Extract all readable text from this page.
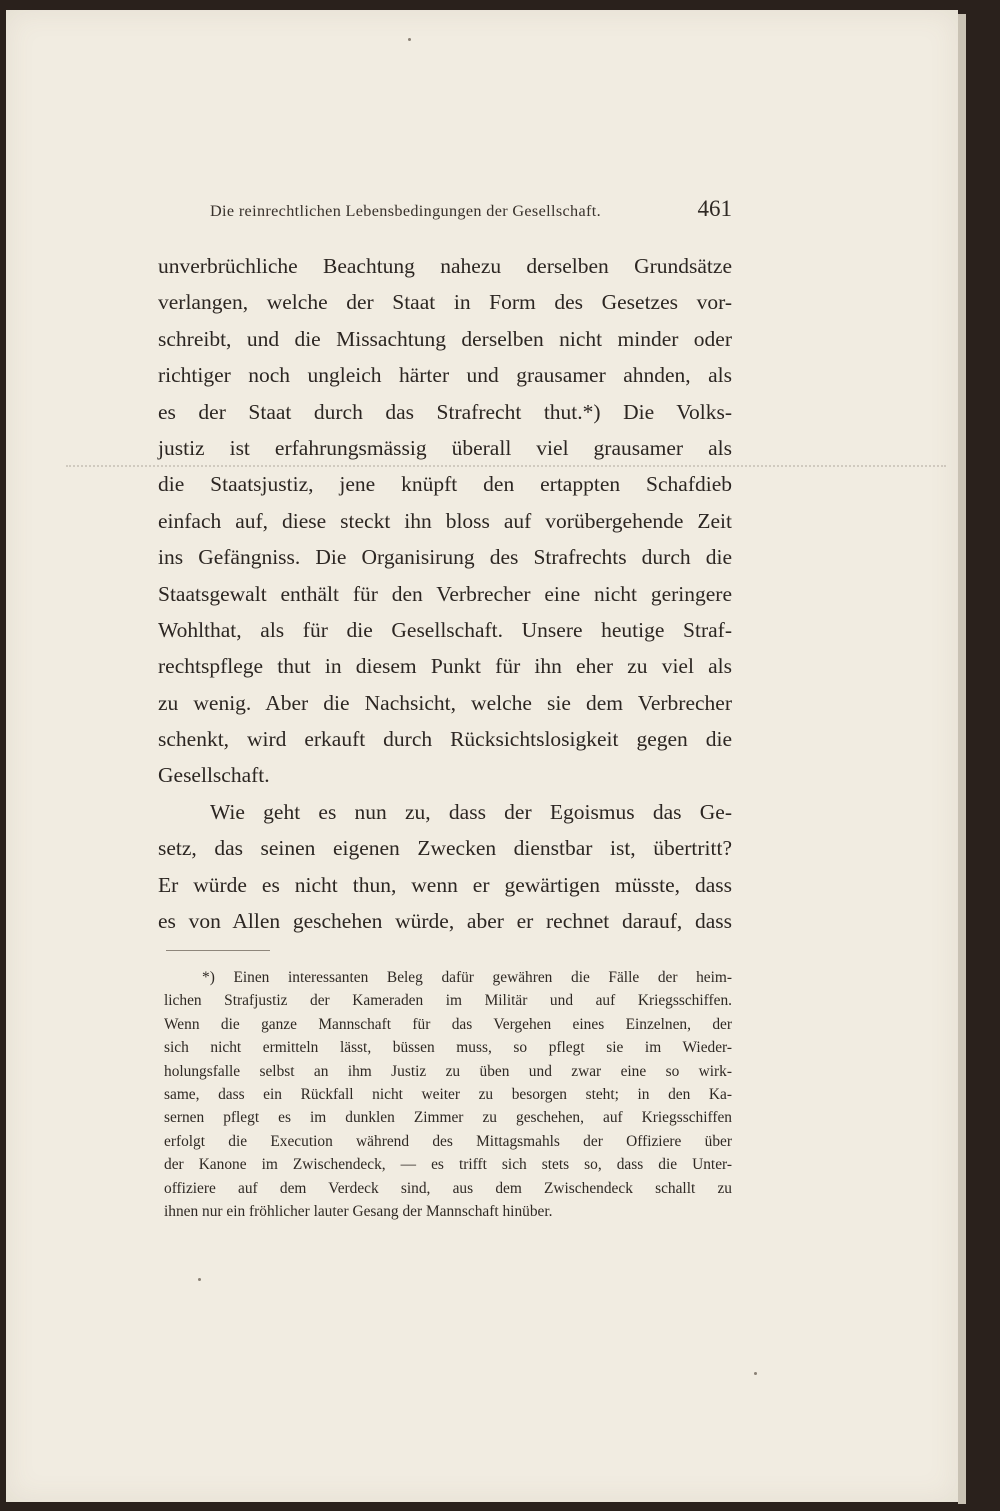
Die reinrechtlichen Lebensbedingungen der Gesellschaft.	461
unverbrüchliche Beachtung nahezu derselben Grundsätze
verlangen, welche der Staat in Form des Gesetzes vor-
schreibt, und die Missachtung derselben nicht minder oder
richtiger noch ungleich härter und grausamer ahnden, als
es der Staat durch das Strafrecht thut.*) Die Volks-
justiz ist erfahrungsmässig überall viel grausamer als
die Staatsjustiz, jene knüpft den ertappten Schafdieb
einfach auf, diese steckt ihn bloss auf vorübergehende Zeit
ins Gefängniss. Die Organisirung des Strafrechts durch die
Staatsgewalt enthält für den Verbrecher eine nicht geringere
Wohlthat, als für die Gesellschaft. Unsere heutige Straf-
rechtspflege thut in diesem Punkt für ihn eher zu viel als
zu wenig. Aber die Nachsicht, welche sie dem Verbrecher
schenkt, wird erkauft durch Rücksichtslosigkeit gegen die
Gesellschaft.
Wie geht es nun zu, dass der Egoismus das Ge-
setz, das seinen eigenen Zwecken dienstbar ist, übertritt?
Er würde es nicht thun, wenn er gewärtigen müsste, dass
es von Allen geschehen würde, aber er rechnet darauf, dass
*) Einen interessanten Beleg dafür gewähren die Fälle der heim-
lichen Strafjustiz der Kameraden im Militär und auf Kriegsschiffen.
Wenn die ganze Mannschaft für das Vergehen eines Einzelnen, der
sich nicht ermitteln lässt, büssen muss, so pflegt sie im Wieder-
holungsfalle selbst an ihm Justiz zu üben und zwar eine so wirk-
same, dass ein Rückfall nicht weiter zu besorgen steht; in den Ka-
sernen pflegt es im dunklen Zimmer zu geschehen, auf Kriegsschiffen
erfolgt die Execution während des Mittagsmahls der Offiziere über
der Kanone im Zwischendeck, — es trifft sich stets so, dass die Unter-
offiziere auf dem Verdeck sind, aus dem Zwischendeck schallt zu
ihnen nur ein fröhlicher lauter Gesang der Mannschaft hinüber.
